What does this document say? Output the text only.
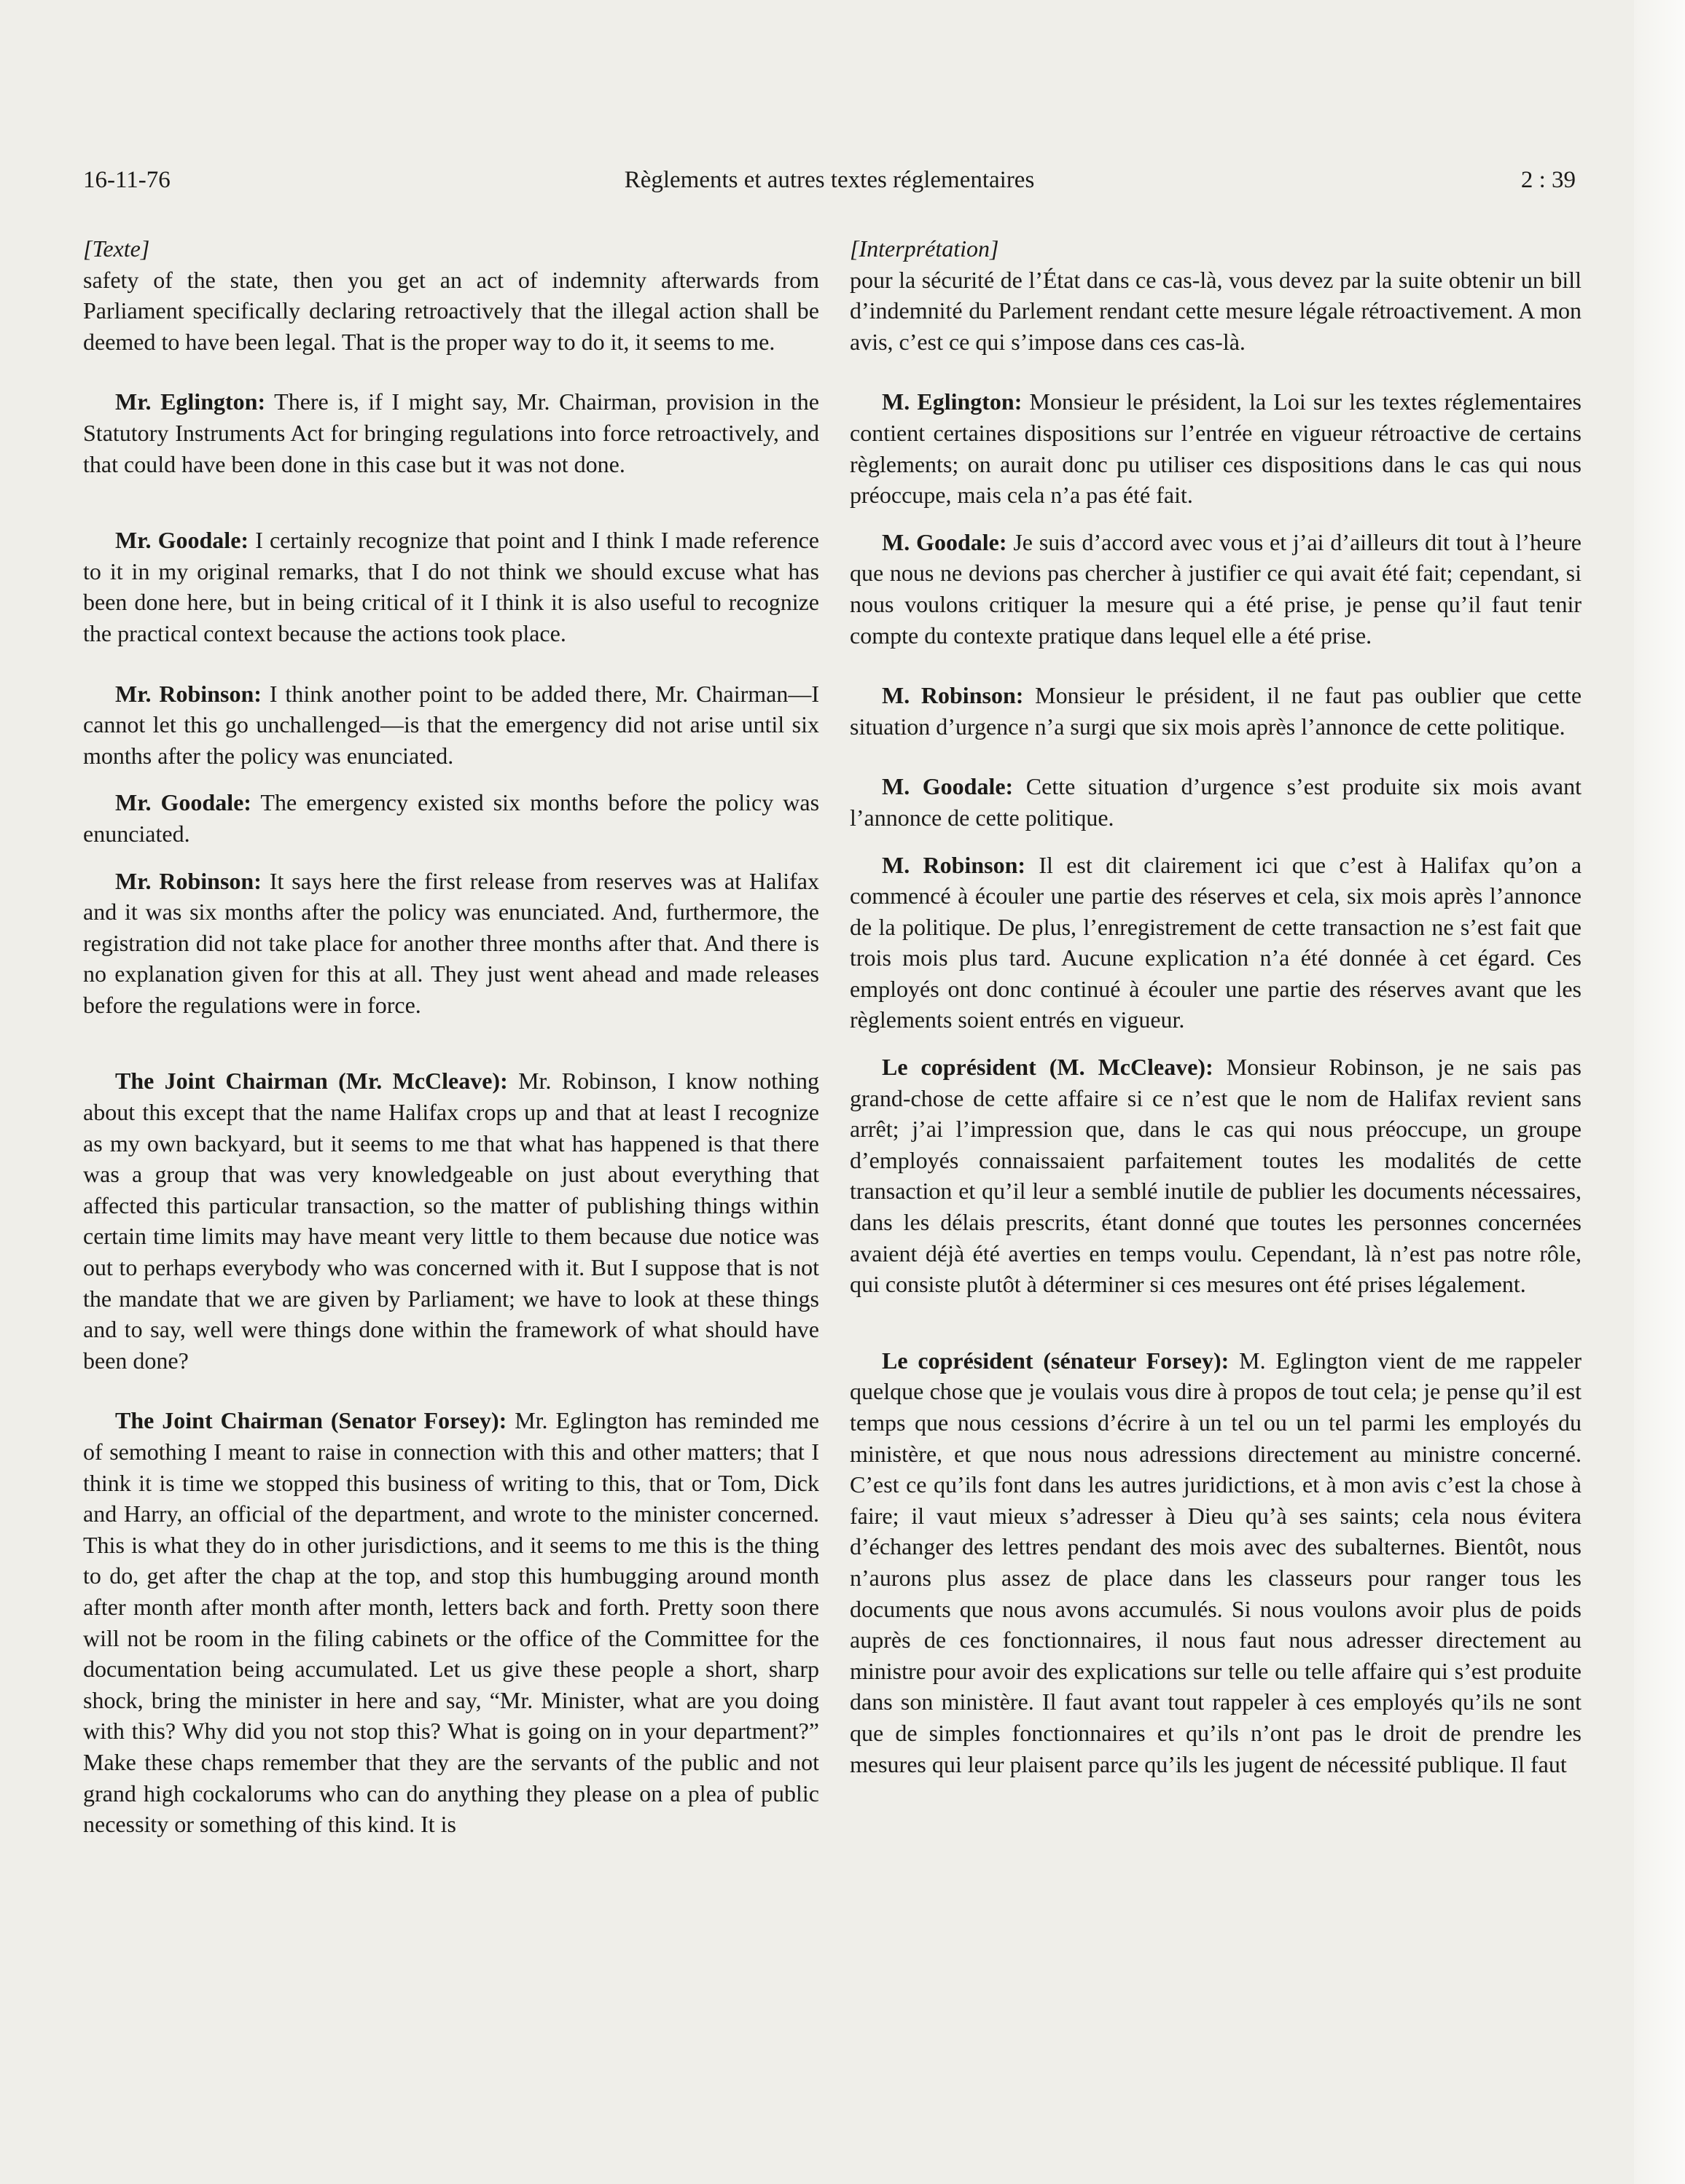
16-11-76	Règlements et autres textes réglementaires	2 : 39

[Texte]

safety of the state, then you get an act of indemnity afterwards from Parliament specifically declaring retroactively that the illegal action shall be deemed to have been legal. That is the proper way to do it, it seems to me.

Mr. Eglington: There is, if I might say, Mr. Chairman, provision in the Statutory Instruments Act for bringing regulations into force retroactively, and that could have been done in this case but it was not done.

Mr. Goodale: I certainly recognize that point and I think I made reference to it in my original remarks, that I do not think we should excuse what has been done here, but in being critical of it I think it is also useful to recognize the practical context because the actions took place.

Mr. Robinson: I think another point to be added there, Mr. Chairman—I cannot let this go unchallenged—is that the emergency did not arise until six months after the policy was enunciated.

Mr. Goodale: The emergency existed six months before the policy was enunciated.

Mr. Robinson: It says here the first release from reserves was at Halifax and it was six months after the policy was enunciated. And, furthermore, the registration did not take place for another three months after that. And there is no explanation given for this at all. They just went ahead and made releases before the regulations were in force.

The Joint Chairman (Mr. McCleave): Mr. Robinson, I know nothing about this except that the name Halifax crops up and that at least I recognize as my own backyard, but it seems to me that what has happened is that there was a group that was very knowledgeable on just about everything that affected this particular transaction, so the matter of publishing things within certain time limits may have meant very little to them because due notice was out to perhaps everybody who was concerned with it. But I suppose that is not the mandate that we are given by Parliament; we have to look at these things and to say, well were things done within the framework of what should have been done?

The Joint Chairman (Senator Forsey): Mr. Eglington has reminded me of semothing I meant to raise in connection with this and other matters; that I think it is time we stopped this business of writing to this, that or Tom, Dick and Harry, an official of the department, and wrote to the minister concerned. This is what they do in other jurisdictions, and it seems to me this is the thing to do, get after the chap at the top, and stop this humbugging around month after month after month after month, letters back and forth. Pretty soon there will not be room in the filing cabinets or the office of the Committee for the documentation being accumulated. Let us give these people a short, sharp shock, bring the minister in here and say, “Mr. Minister, what are you doing with this? Why did you not stop this? What is going on in your department?” Make these chaps remember that they are the servants of the public and not grand high cockalorums who can do anything they please on a plea of public necessity or something of this kind. It is

[Interprétation]

pour la sécurité de l’État dans ce cas-là, vous devez par la suite obtenir un bill d’indemnité du Parlement rendant cette mesure légale rétroactivement. A mon avis, c’est ce qui s’impose dans ces cas-là.

M. Eglington: Monsieur le président, la Loi sur les textes réglementaires contient certaines dispositions sur l’entrée en vigueur rétroactive de certains règlements; on aurait donc pu utiliser ces dispositions dans le cas qui nous préoccupe, mais cela n’a pas été fait.

M. Goodale: Je suis d’accord avec vous et j’ai d’ailleurs dit tout à l’heure que nous ne devions pas chercher à justifier ce qui avait été fait; cependant, si nous voulons critiquer la mesure qui a été prise, je pense qu’il faut tenir compte du contexte pratique dans lequel elle a été prise.

M. Robinson: Monsieur le président, il ne faut pas oublier que cette situation d’urgence n’a surgi que six mois après l’annonce de cette politique.

M. Goodale: Cette situation d’urgence s’est produite six mois avant l’annonce de cette politique.

M. Robinson: Il est dit clairement ici que c’est à Halifax qu’on a commencé à écouler une partie des réserves et cela, six mois après l’annonce de la politique. De plus, l’enregistrement de cette transaction ne s’est fait que trois mois plus tard. Aucune explication n’a été donnée à cet égard. Ces employés ont donc continué à écouler une partie des réserves avant que les règlements soient entrés en vigueur.

Le coprésident (M. McCleave): Monsieur Robinson, je ne sais pas grand-chose de cette affaire si ce n’est que le nom de Halifax revient sans arrêt; j’ai l’impression que, dans le cas qui nous préoccupe, un groupe d’employés connaissaient parfaitement toutes les modalités de cette transaction et qu’il leur a semblé inutile de publier les documents nécessaires, dans les délais prescrits, étant donné que toutes les personnes concernées avaient déjà été averties en temps voulu. Cependant, là n’est pas notre rôle, qui consiste plutôt à déterminer si ces mesures ont été prises légalement.

Le coprésident (sénateur Forsey): M. Eglington vient de me rappeler quelque chose que je voulais vous dire à propos de tout cela; je pense qu’il est temps que nous cessions d’écrire à un tel ou un tel parmi les employés du ministère, et que nous nous adressions directement au ministre concerné. C’est ce qu’ils font dans les autres juridictions, et à mon avis c’est la chose à faire; il vaut mieux s’adresser à Dieu qu’à ses saints; cela nous évitera d’échanger des lettres pendant des mois avec des subalternes. Bientôt, nous n’aurons plus assez de place dans les classeurs pour ranger tous les documents que nous avons accumulés. Si nous voulons avoir plus de poids auprès de ces fonctionnaires, il nous faut nous adresser directement au ministre pour avoir des explications sur telle ou telle affaire qui s’est produite dans son ministère. Il faut avant tout rappeler à ces employés qu’ils ne sont que de simples fonctionnaires et qu’ils n’ont pas le droit de prendre les mesures qui leur plaisent parce qu’ils les jugent de nécessité publique. Il faut
